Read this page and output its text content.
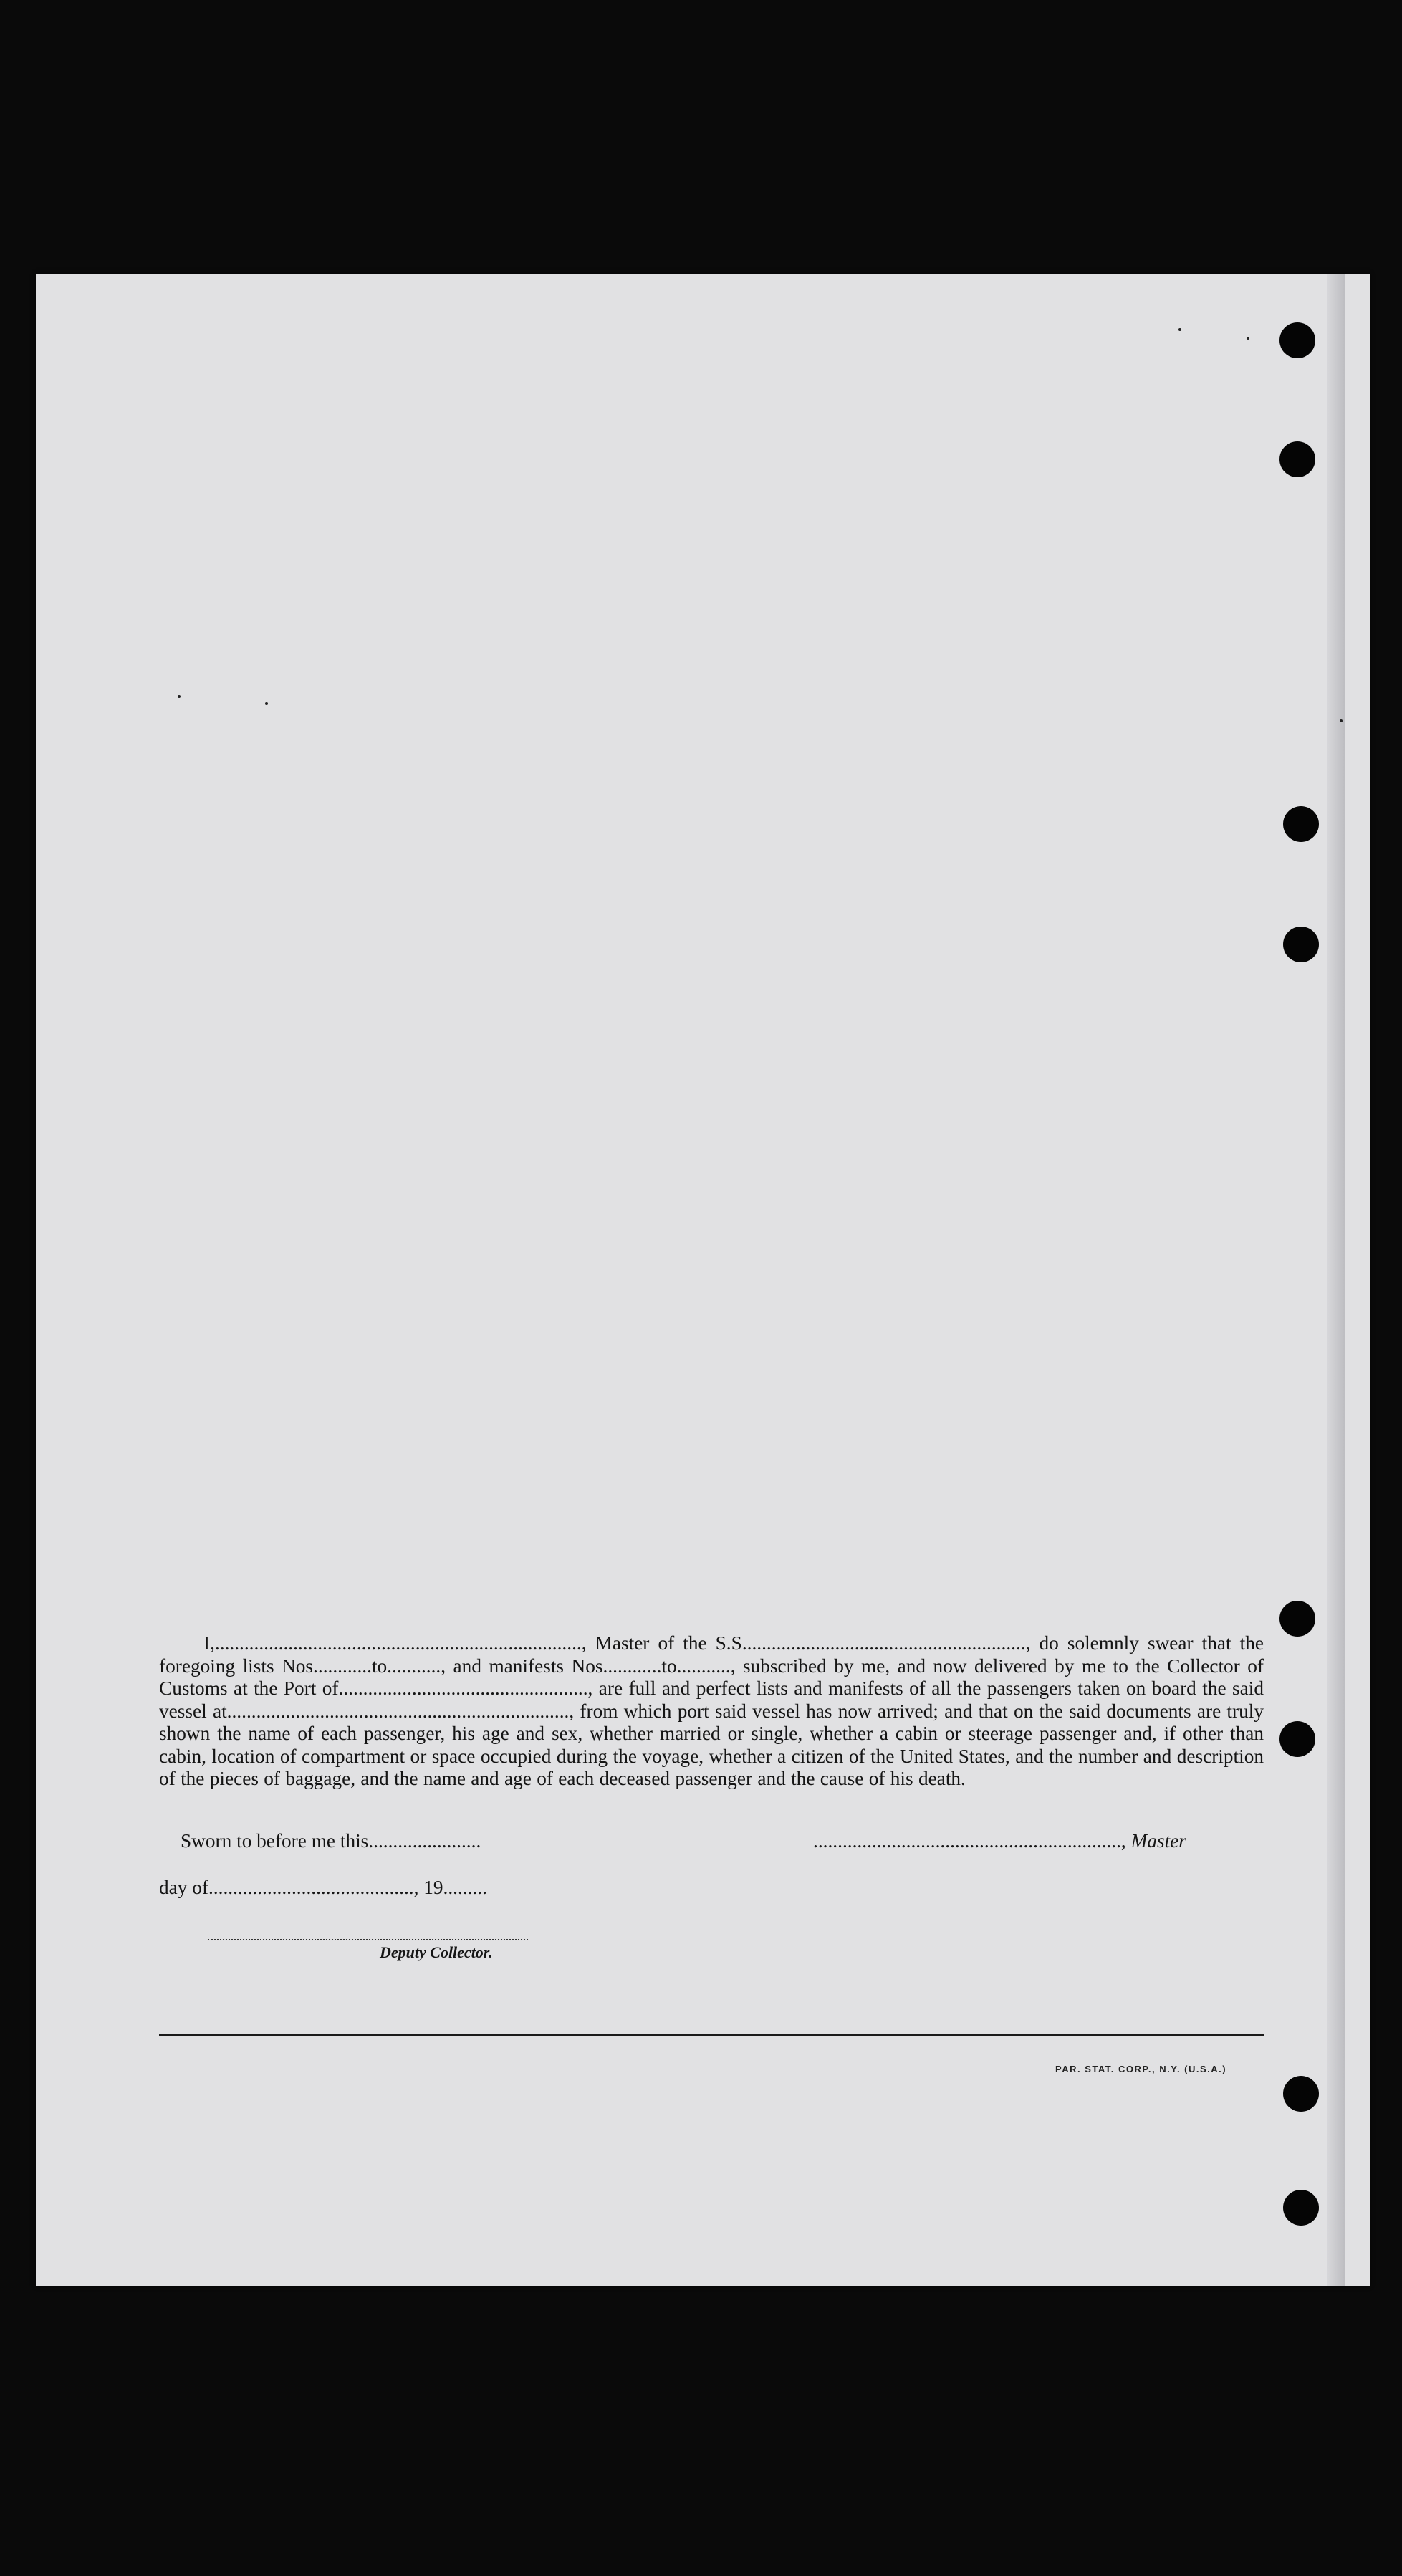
I,..........................................................................., Master of the S.S.........................................................., do solemnly swear that the foregoing lists Nos............to..........., and manifests Nos............to..........., subscribed by me, and now delivered by me to the Collector of Customs at the Port of..................................................., are full and perfect lists and manifests of all the passengers taken on board the said vessel at......................................................................, from which port said vessel has now arrived; and that on the said documents are truly shown the name of each passenger, his age and sex, whether married or single, whether a cabin or steerage passenger and, if other than cabin, location of compartment or space occupied during the voyage, whether a citizen of the United States, and the number and description of the pieces of baggage, and the name and age of each deceased passenger and the cause of his death.

Sworn to before me this.......................	..............................................................., Master
day of.........................................., 19.........
Deputy Collector.
PAR. STAT. CORP., N.Y. (U.S.A.)
